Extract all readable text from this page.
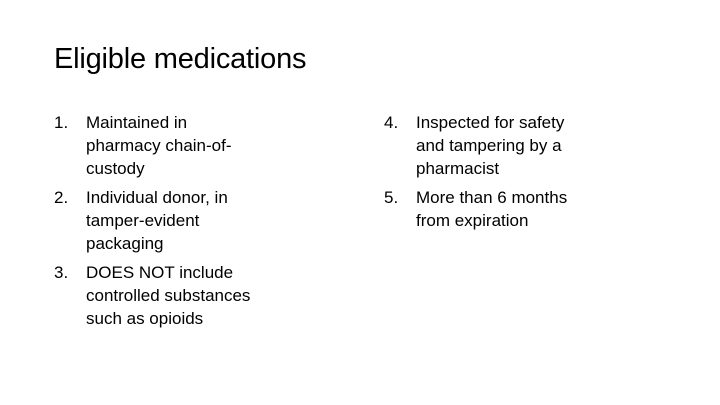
Eligible medications
1.	Maintained in
pharmacy chain-of-
custody
2.	Individual donor, in
tamper-evident
packaging
3.	DOES NOT include
controlled substances
such as opioids
4.	Inspected for safety
and tampering by a
pharmacist
5.	More than 6 months
from expiration
